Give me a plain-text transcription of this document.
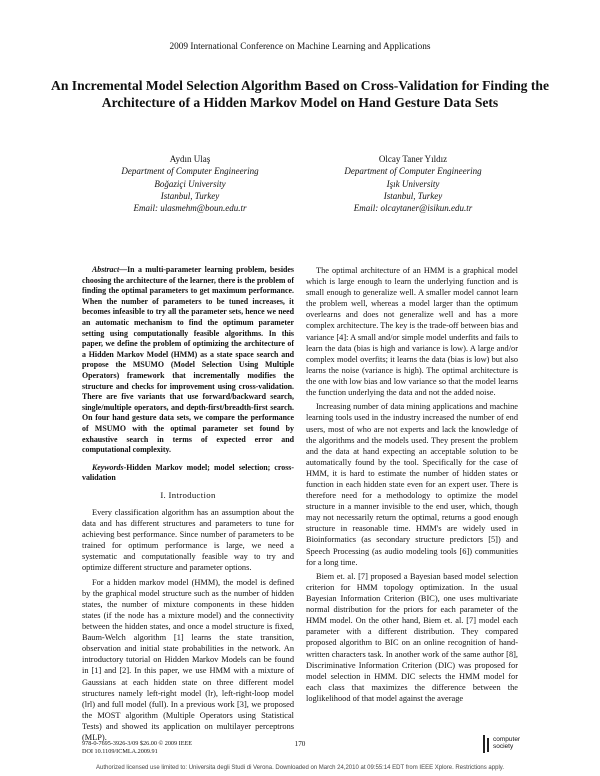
2009 International Conference on Machine Learning and Applications
An Incremental Model Selection Algorithm Based on Cross-Validation for Finding the Architecture of a Hidden Markov Model on Hand Gesture Data Sets
Aydın Ulaş
Department of Computer Engineering
Boğaziçi University
Istanbul, Turkey
Email: ulasmehm@boun.edu.tr
Olcay Taner Yıldız
Department of Computer Engineering
Işık University
Istanbul, Turkey
Email: olcaytaner@isikun.edu.tr

Abstract—In a multi-parameter learning problem, besides choosing the architecture of the learner, there is the problem of finding the optimal parameters to get maximum performance. When the number of parameters to be tuned increases, it becomes infeasible to try all the parameter sets, hence we need an automatic mechanism to find the optimum parameter setting using computationally feasible algorithms. In this paper, we define the problem of optimizing the architecture of a Hidden Markov Model (HMM) as a state space search and propose the MSUMO (Model Selection Using Multiple Operators) framework that incrementally modifies the structure and checks for improvement using cross-validation. There are five variants that use forward/backward search, single/multiple operators, and depth-first/breadth-first search. On four hand gesture data sets, we compare the performance of MSUMO with the optimal parameter set found by exhaustive search in terms of expected error and computational complexity.

Keywords-Hidden Markov model; model selection; cross-validation

I. Introduction

Every classification algorithm has an assumption about the data and has different structures and parameters to tune for achieving best performance. Since number of parameters to be trained for optimum performance is large, we need a systematic and computationally feasible way to try and optimize different structure and parameter options.

For a hidden markov model (HMM), the model is defined by the graphical model structure such as the number of hidden states, the number of mixture components in these hidden states (if the node has a mixture model) and the connectivity between the hidden states, and once a model structure is fixed, Baum-Welch algorithm [1] learns the state transition, observation and initial state probabilities in the network. An introductory tutorial on Hidden Markov Models can be found in [1] and [2]. In this paper, we use HMM with a mixture of Gaussians at each hidden state on three different model structures namely left-right model (lr), left-right-loop model (lrl) and full model (full). In a previous work [3], we proposed the MOST algorithm (Multiple Operators using Statistical Tests) and showed its application on multilayer perceptrons (MLP).

The optimal architecture of an HMM is a graphical model which is large enough to learn the underlying function and is small enough to generalize well. A smaller model cannot learn the problem well, whereas a model larger than the optimum overlearns and does not generalize well and has a more complex architecture. The key is the trade-off between bias and variance [4]: A small and/or simple model underfits and fails to learn the data (bias is high and variance is low). A large and/or complex model overfits; it learns the data (bias is low) but also learns the noise (variance is high). The optimal architecture is the one with low bias and low variance so that the model learns the function underlying the data and not the added noise.

Increasing number of data mining applications and machine learning tools used in the industry increased the number of end users, most of who are not experts and lack the knowledge of the algorithms and the models used. They present the problem and the data at hand expecting an acceptable solution to be automatically found by the tool. Specifically for the case of HMM, it is hard to estimate the number of hidden states or function in each hidden state even for an expert user. There is therefore need for a methodology to optimize the model structure in a manner invisible to the end user, which, though may not necessarily return the optimal, returns a good enough structure in reasonable time. HMM's are widely used in Bioinformatics (as secondary structure predictors [5]) and Speech Processing (as audio modeling tools [6]) communities for a long time.

Biem et. al. [7] proposed a Bayesian based model selection criterion for HMM topology optimization. In the usual Bayesian Information Criterion (BIC), one uses multivariate normal distribution for the priors for each parameter of the HMM model. On the other hand, Biem et. al. [7] model each parameter with a different distribution. They compared proposed algorithm to BIC on an online recognition of hand-written characters task. In another work of the same author [8], Discriminative Information Criterion (DIC) was proposed for model selection in HMM. DIC selects the HMM model for each class that maximizes the difference between the loglikelihood of that model against the average

978-0-7695-3926-3/09 $26.00 © 2009 IEEE
DOI 10.1109/ICMLA.2009.91
170
computer
society
Authorized licensed use limited to: Universita degli Studi di Verona. Downloaded on March 24,2010 at 09:55:14 EDT from IEEE Xplore. Restrictions apply.
